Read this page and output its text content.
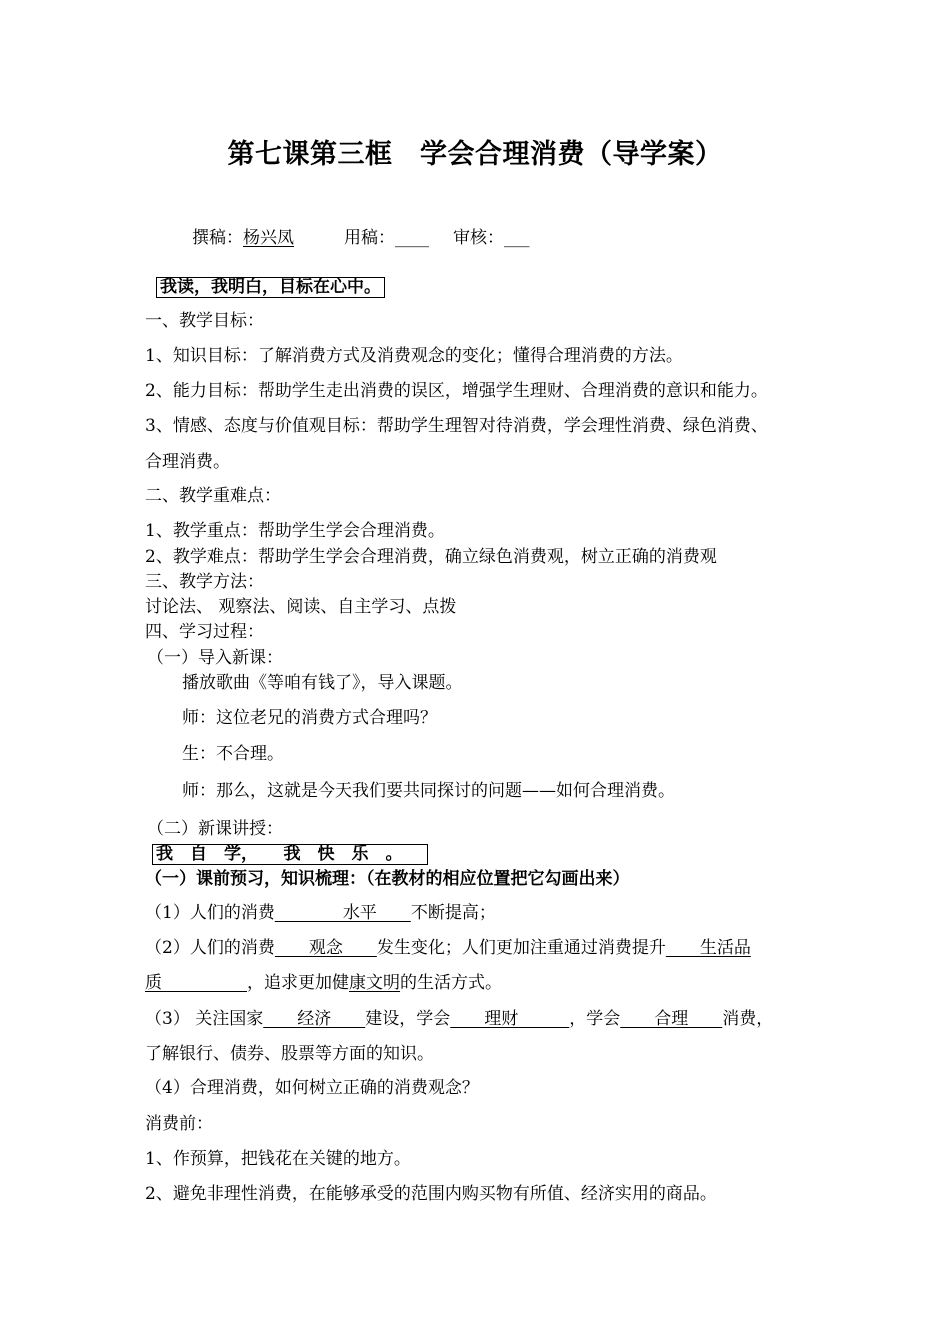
第七课第三框　学会合理消费（导学案）
撰稿：杨兴凤	用稿：____ 审核：___
我读，我明白，目标在心中。
一、教学目标：
1、知识目标：了解消费方式及消费观念的变化；懂得合理消费的方法。
2、能力目标：帮助学生走出消费的误区，增强学生理财、合理消费的意识和能力。
3、情感、态度与价值观目标：帮助学生理智对待消费，学会理性消费、绿色消费、
合理消费。
二、教学重难点：
1、教学重点：帮助学生学会合理消费。
2、教学难点：帮助学生学会合理消费，确立绿色消费观，树立正确的消费观
三、教学方法：
讨论法、 观察法、阅读、自主学习、点拨
四、学习过程：
（一）导入新课：
播放歌曲《等咱有钱了》，导入课题。
师：这位老兄的消费方式合理吗？
生：不合理。
师：那么，这就是今天我们要共同探讨的问题——如何合理消费。
（二）新课讲授：
我　自　学，　　我　快　乐　。
（一）课前预习，知识梳理：（在教材的相应位置把它勾画出来）
（1）人们的消费　　　　水平　　不断提高；
（2）人们的消费　　观念　　发生变化；人们更加注重通过消费提升　　生活品
质　　　　　，追求更加健康文明的生活方式。
（3） 关注国家　　经济　　建设，学会　　理财　　　，学会　　合理　　消费，
了解银行、债券、股票等方面的知识。
（4）合理消费，如何树立正确的消费观念？
消费前：
1、作预算，把钱花在关键的地方。
2、避免非理性消费，在能够承受的范围内购买物有所值、经济实用的商品。
